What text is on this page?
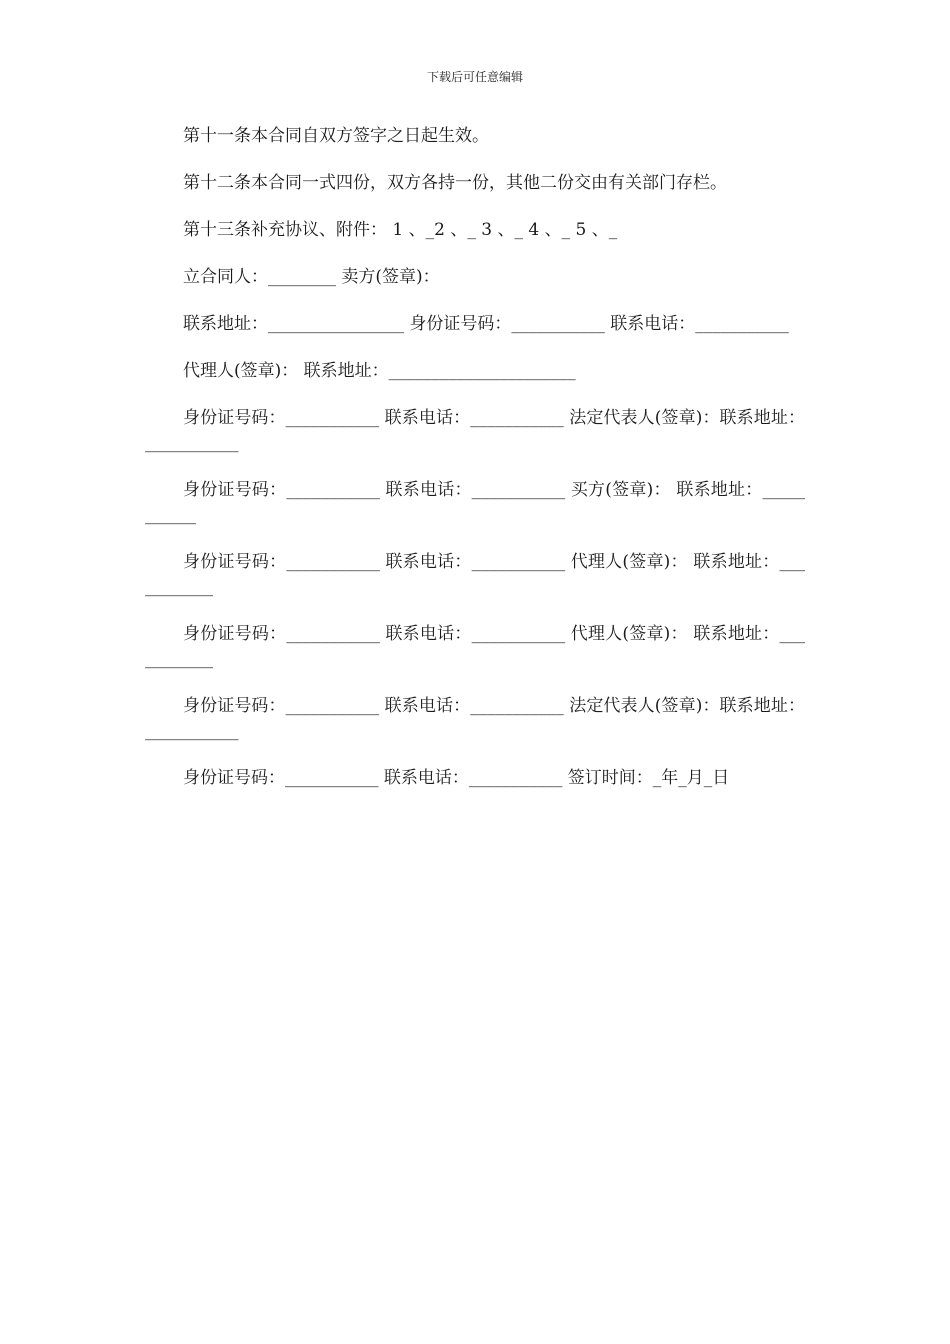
下载后可任意编辑

第十一条本合同自双方签字之日起生效。

第十二条本合同一式四份，双方各持一份，其他二份交由有关部门存栏。

第十三条补充协议、附件： 1 、_2 、_ 3 、_ 4 、_ 5 、_

立合同人：________ 卖方(签章)：

联系地址：________________ 身份证号码：___________ 联系电话：___________

代理人(签章)： 联系地址：______________________

身份证号码：___________ 联系电话：___________ 法定代表人(签章)：联系地址：___________

身份证号码：___________ 联系电话：___________ 买方(签章)： 联系地址：___________

身份证号码：___________ 联系电话：___________ 代理人(签章)： 联系地址：___________

身份证号码：___________ 联系电话：___________ 代理人(签章)： 联系地址：___________

身份证号码：___________ 联系电话：___________ 法定代表人(签章)：联系地址：___________

身份证号码：___________ 联系电话：___________ 签订时间：_年_月_日
